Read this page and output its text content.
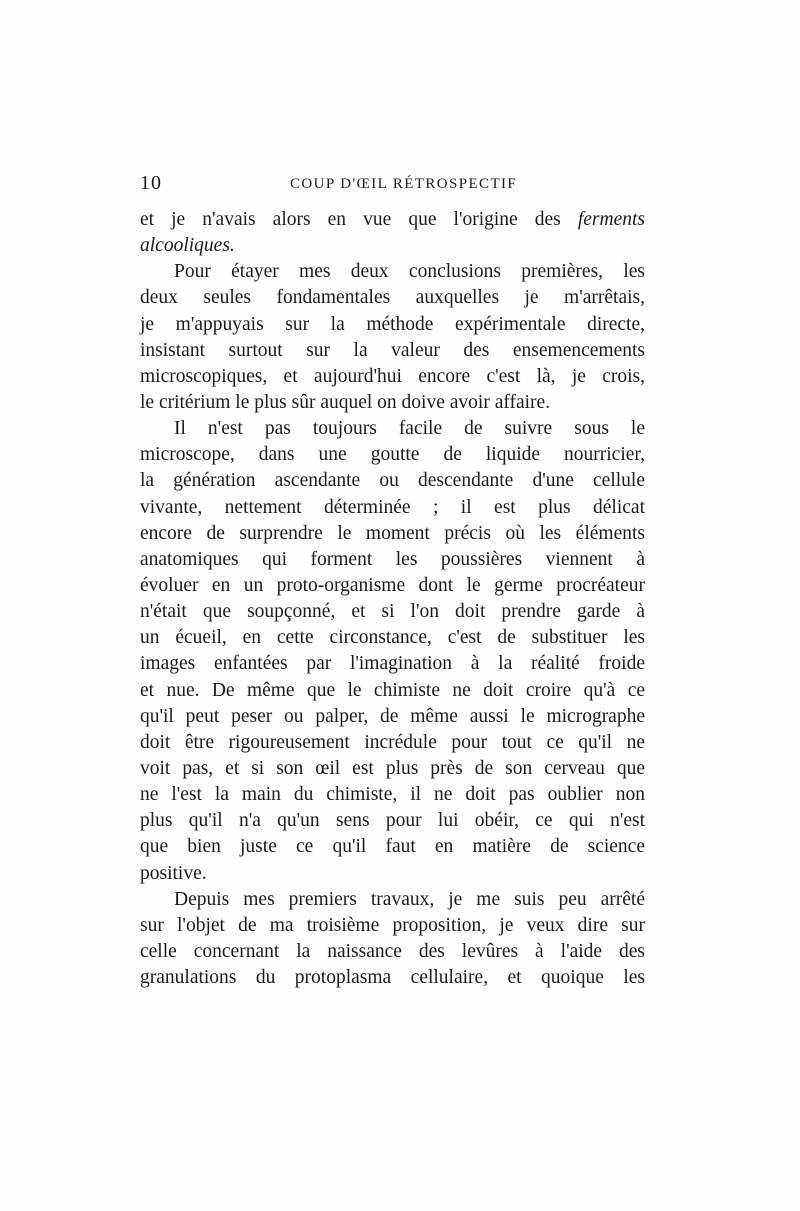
10	COUP D'ŒIL RÉTROSPECTIF
et je n'avais alors en vue que l'origine des ferments
alcooliques.
Pour étayer mes deux conclusions premières, les
deux seules fondamentales auxquelles je m'arrêtais,
je m'appuyais sur la méthode expérimentale directe,
insistant surtout sur la valeur des ensemencements
microscopiques, et aujourd'hui encore c'est là, je crois,
le critérium le plus sûr auquel on doive avoir affaire.
Il n'est pas toujours facile de suivre sous le
microscope, dans une goutte de liquide nourricier,
la génération ascendante ou descendante d'une cellule
vivante, nettement déterminée ; il est plus délicat
encore de surprendre le moment précis où les éléments
anatomiques qui forment les poussières viennent à
évoluer en un proto-organisme dont le germe procréateur
n'était que soupçonné, et si l'on doit prendre garde à
un écueil, en cette circonstance, c'est de substituer les
images enfantées par l'imagination à la réalité froide
et nue. De même que le chimiste ne doit croire qu'à ce
qu'il peut peser ou palper, de même aussi le micrographe
doit être rigoureusement incrédule pour tout ce qu'il ne
voit pas, et si son œil est plus près de son cerveau que
ne l'est la main du chimiste, il ne doit pas oublier non
plus qu'il n'a qu'un sens pour lui obéir, ce qui n'est
que bien juste ce qu'il faut en matière de science
positive.
Depuis mes premiers travaux, je me suis peu arrêté
sur l'objet de ma troisième proposition, je veux dire sur
celle concernant la naissance des levûres à l'aide des
granulations du protoplasma cellulaire, et quoique les
